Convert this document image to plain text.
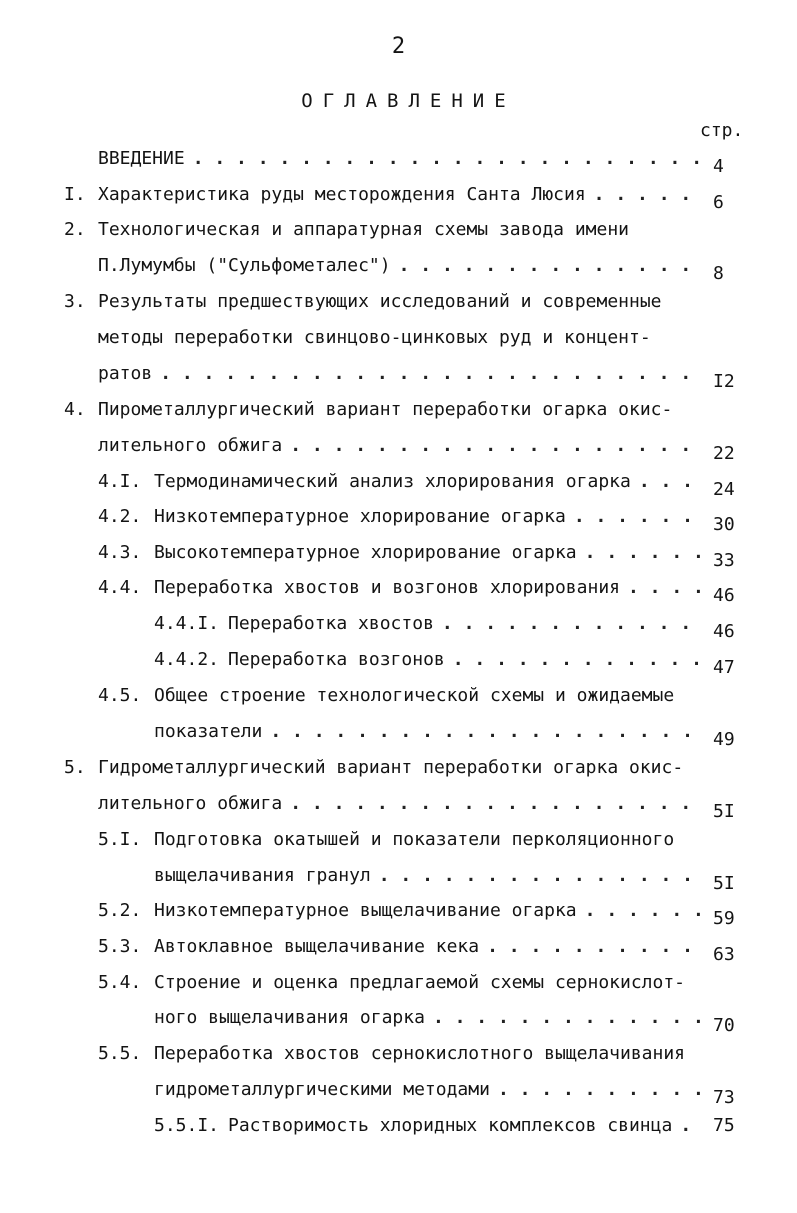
2
ОГЛАВЛЕНИЕ
стр.
ВВЕДЕНИЕ . . .	4
I. Характеристика руды месторождения Санта Люсия . . .	6
2. Технологическая и аппаратурная схемы завода имени
П.Лумумбы ("Сульфометалес") . . .	8
3. Результаты предшествующих исследований и современные
методы переработки свинцово-цинковых руд и концент-
ратов . . .	I2
4. Пирометаллургический вариант переработки огарка окис-
лительного обжига . . .	22
4.I. Термодинамический анализ хлорирования огарка . . .	24
4.2. Низкотемпературное хлорирование огарка . . .	30
4.3. Высокотемпературное хлорирование огарка . . .	33
4.4. Переработка хвостов и возгонов хлорирования . . .	46
4.4.I. Переработка хвостов . . .	46
4.4.2. Переработка возгонов . . .	47
4.5. Общее строение технологической схемы и ожидаемые
показатели . . .	49
5. Гидрометаллургический вариант переработки огарка окис-
лительного обжига . . .	5I
5.I. Подготовка окатышей и показатели перколяционного
выщелачивания гранул . . .	5I
5.2. Низкотемпературное выщелачивание огарка . . .	59
5.3. Автоклавное выщелачивание кека . . .	63
5.4. Строение и оценка предлагаемой схемы сернокислот-
ного выщелачивания огарка . . .	70
5.5. Переработка хвостов сернокислотного выщелачивания
гидрометаллургическими методами . . .	73
5.5.I. Растворимость хлоридных комплексов свинца . . . 75
